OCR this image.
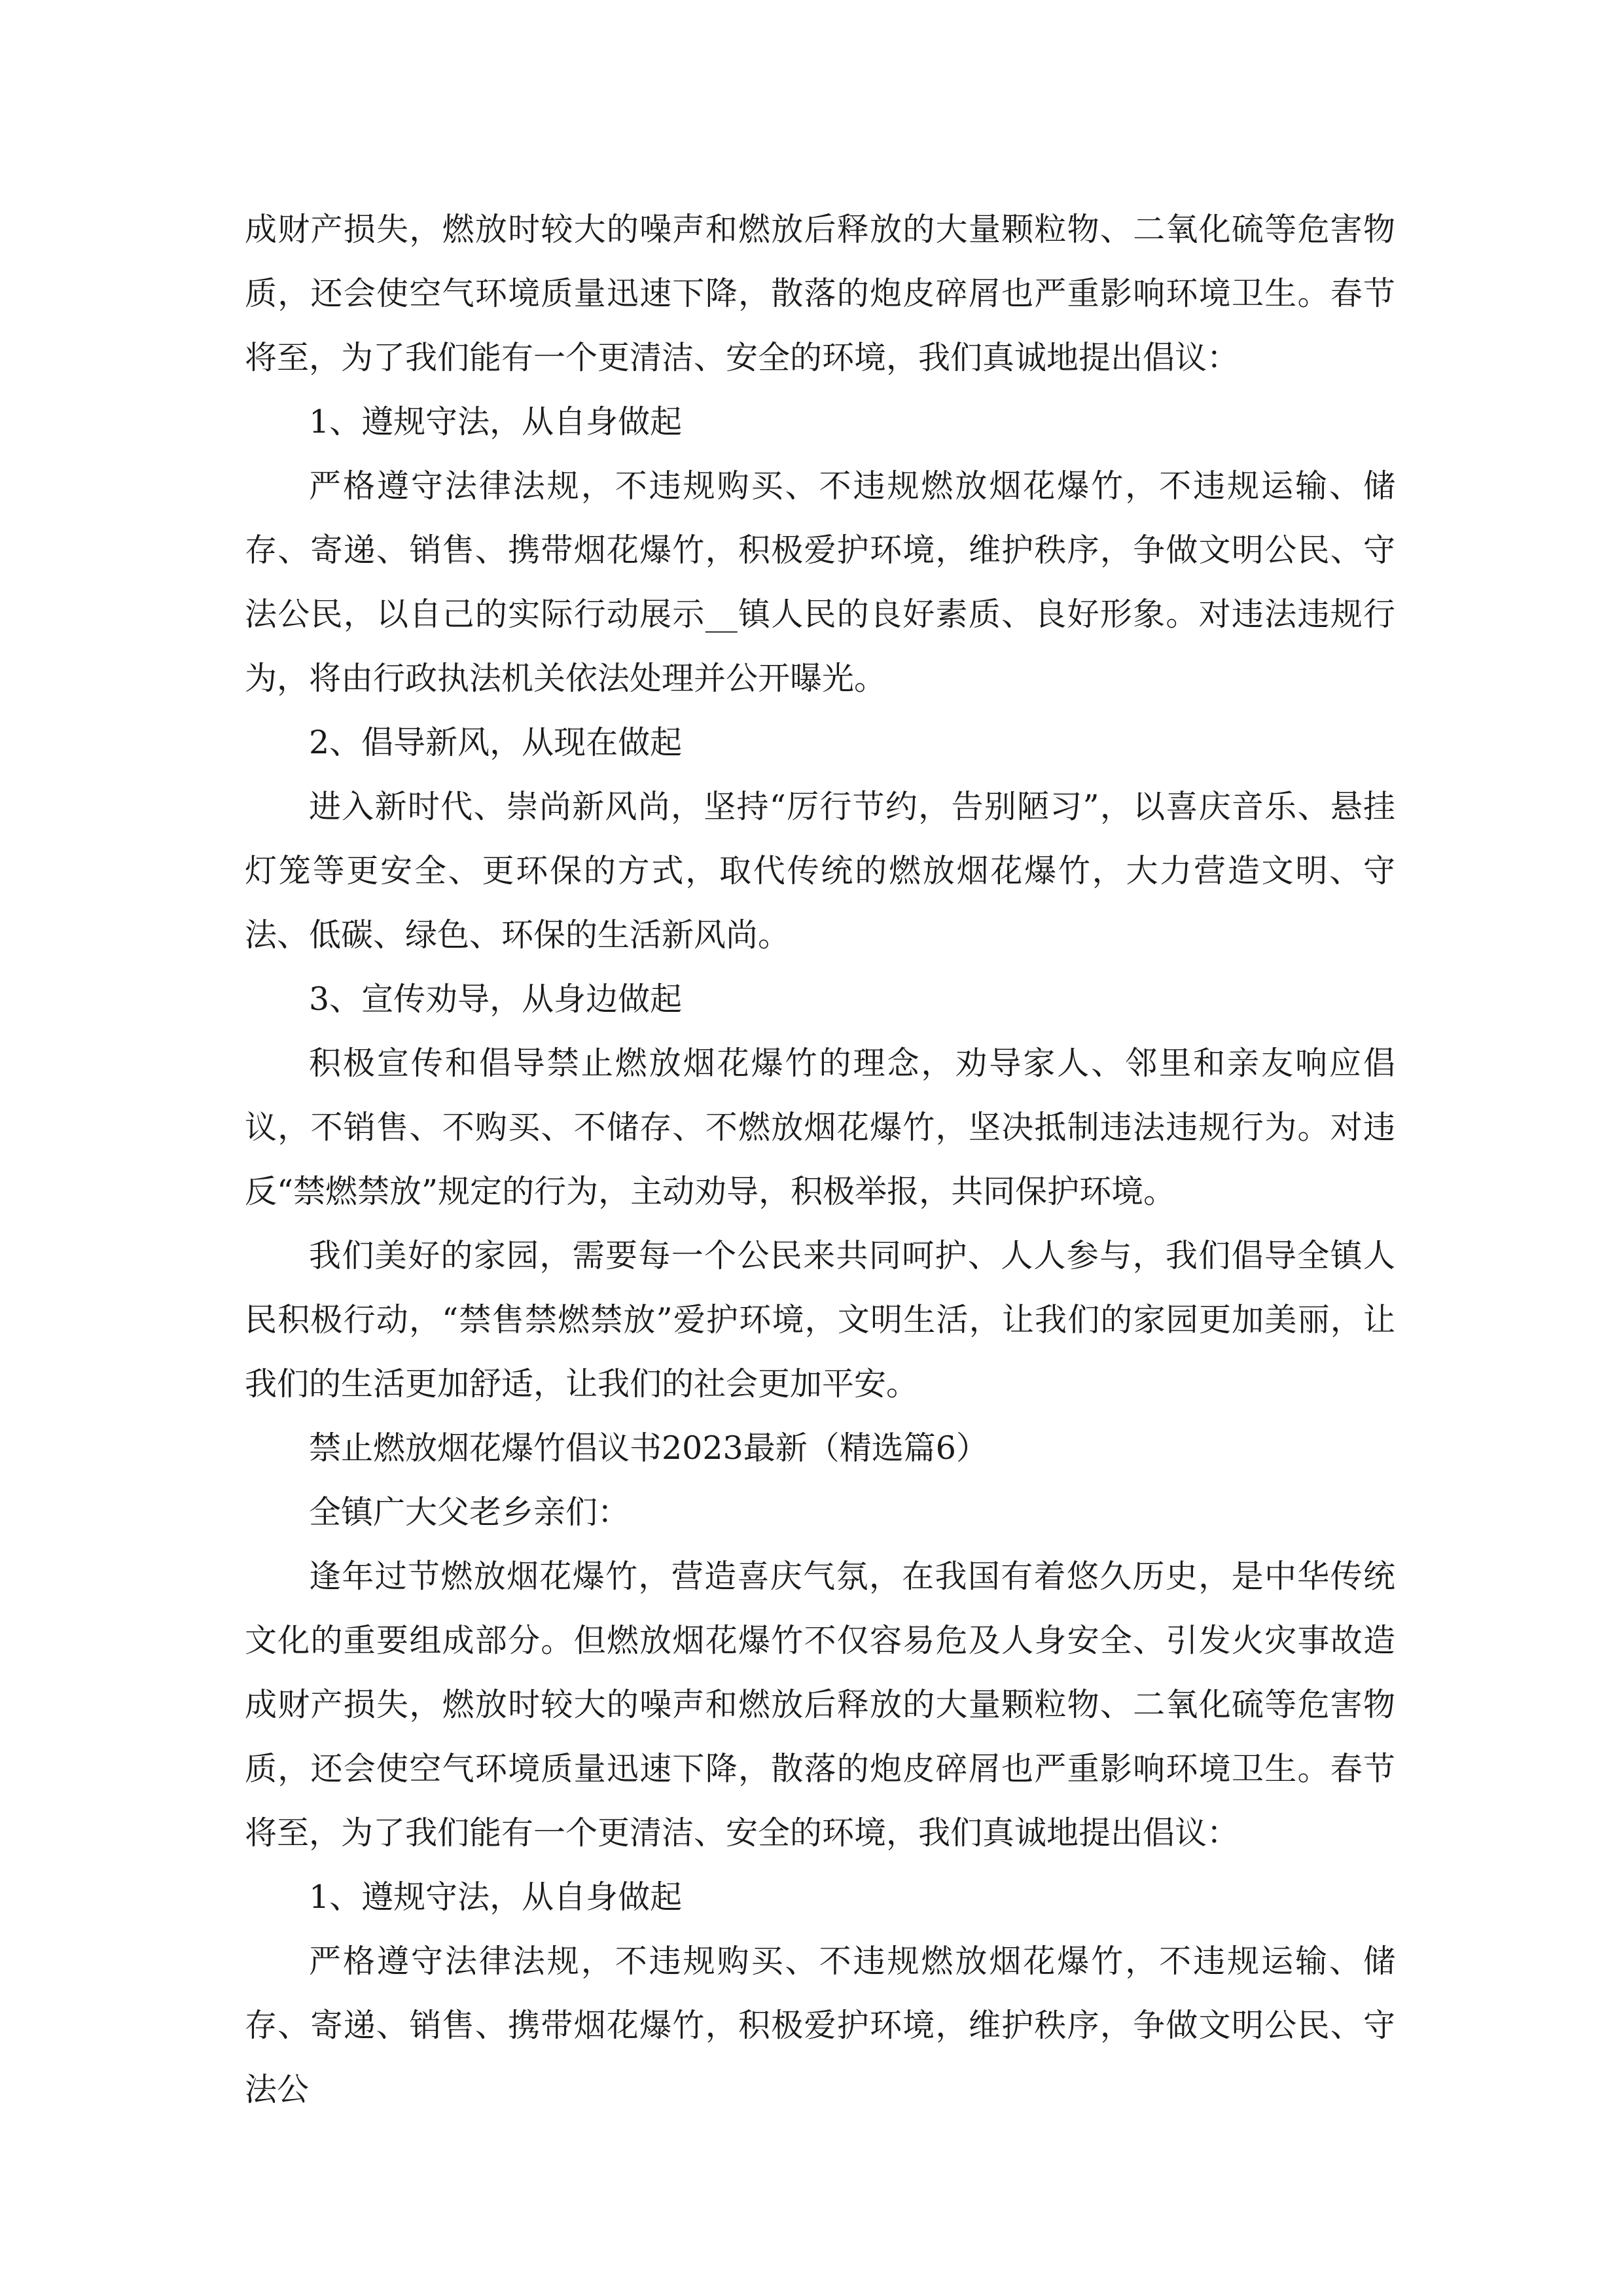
成财产损失，燃放时较大的噪声和燃放后释放的大量颗粒物、二氧化硫等危害物质，还会使空气环境质量迅速下降，散落的炮皮碎屑也严重影响环境卫生。春节将至，为了我们能有一个更清洁、安全的环境，我们真诚地提出倡议：

1、遵规守法，从自身做起

严格遵守法律法规，不违规购买、不违规燃放烟花爆竹，不违规运输、储存、寄递、销售、携带烟花爆竹，积极爱护环境，维护秩序，争做文明公民、守法公民，以自己的实际行动展示__镇人民的良好素质、良好形象。对违法违规行为，将由行政执法机关依法处理并公开曝光。

2、倡导新风，从现在做起

进入新时代、崇尚新风尚，坚持“厉行节约，告别陋习”，以喜庆音乐、悬挂灯笼等更安全、更环保的方式，取代传统的燃放烟花爆竹，大力营造文明、守法、低碳、绿色、环保的生活新风尚。

3、宣传劝导，从身边做起

积极宣传和倡导禁止燃放烟花爆竹的理念，劝导家人、邻里和亲友响应倡议，不销售、不购买、不储存、不燃放烟花爆竹，坚决抵制违法违规行为。对违反“禁燃禁放”规定的行为，主动劝导，积极举报，共同保护环境。

我们美好的家园，需要每一个公民来共同呵护、人人参与，我们倡导全镇人民积极行动，“禁售禁燃禁放”爱护环境，文明生活，让我们的家园更加美丽，让我们的生活更加舒适，让我们的社会更加平安。

禁止燃放烟花爆竹倡议书2023最新（精选篇6）

全镇广大父老乡亲们：

逢年过节燃放烟花爆竹，营造喜庆气氛，在我国有着悠久历史，是中华传统文化的重要组成部分。但燃放烟花爆竹不仅容易危及人身安全、引发火灾事故造成财产损失，燃放时较大的噪声和燃放后释放的大量颗粒物、二氧化硫等危害物质，还会使空气环境质量迅速下降，散落的炮皮碎屑也严重影响环境卫生。春节将至，为了我们能有一个更清洁、安全的环境，我们真诚地提出倡议：

1、遵规守法，从自身做起

严格遵守法律法规，不违规购买、不违规燃放烟花爆竹，不违规运输、储存、寄递、销售、携带烟花爆竹，积极爱护环境，维护秩序，争做文明公民、守法公
